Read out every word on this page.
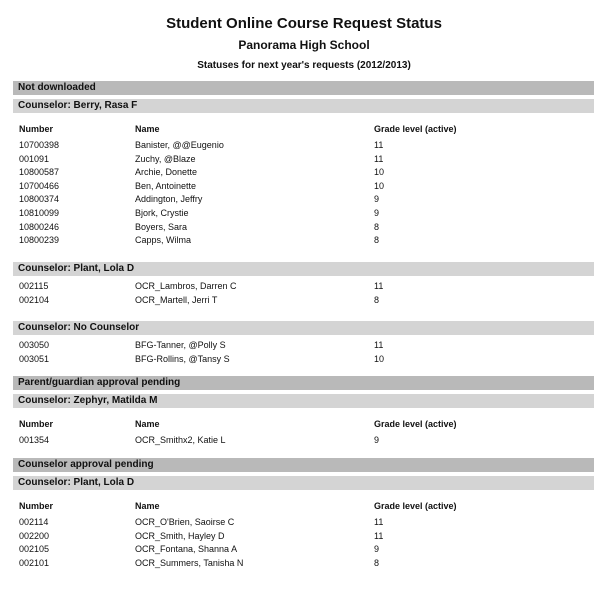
Student Online Course Request Status
Panorama High School
Statuses for next year's requests (2012/2013)
Not downloaded
Counselor: Berry, Rasa F
Number	Name	Grade level (active)
10700398	Banister, @@Eugenio	11
001091	Zuchy, @Blaze	11
10800587	Archie, Donette	10
10700466	Ben, Antoinette	10
10800374	Addington, Jeffry	9
10810099	Bjork, Crystie	9
10800246	Boyers, Sara	8
10800239	Capps, Wilma	8
Counselor: Plant, Lola D
002115	OCR_Lambros, Darren C	11
002104	OCR_Martell, Jerri T	8
Counselor: No Counselor
003050	BFG-Tanner, @Polly S	11
003051	BFG-Rollins, @Tansy S	10
Parent/guardian approval pending
Counselor: Zephyr, Matilda M
Number	Name	Grade level (active)
001354	OCR_Smithx2, Katie L	9
Counselor approval pending
Counselor: Plant, Lola D
Number	Name	Grade level (active)
002114	OCR_O'Brien, Saoirse C	11
002200	OCR_Smith, Hayley D	11
002105	OCR_Fontana, Shanna A	9
002101	OCR_Summers, Tanisha N	8
